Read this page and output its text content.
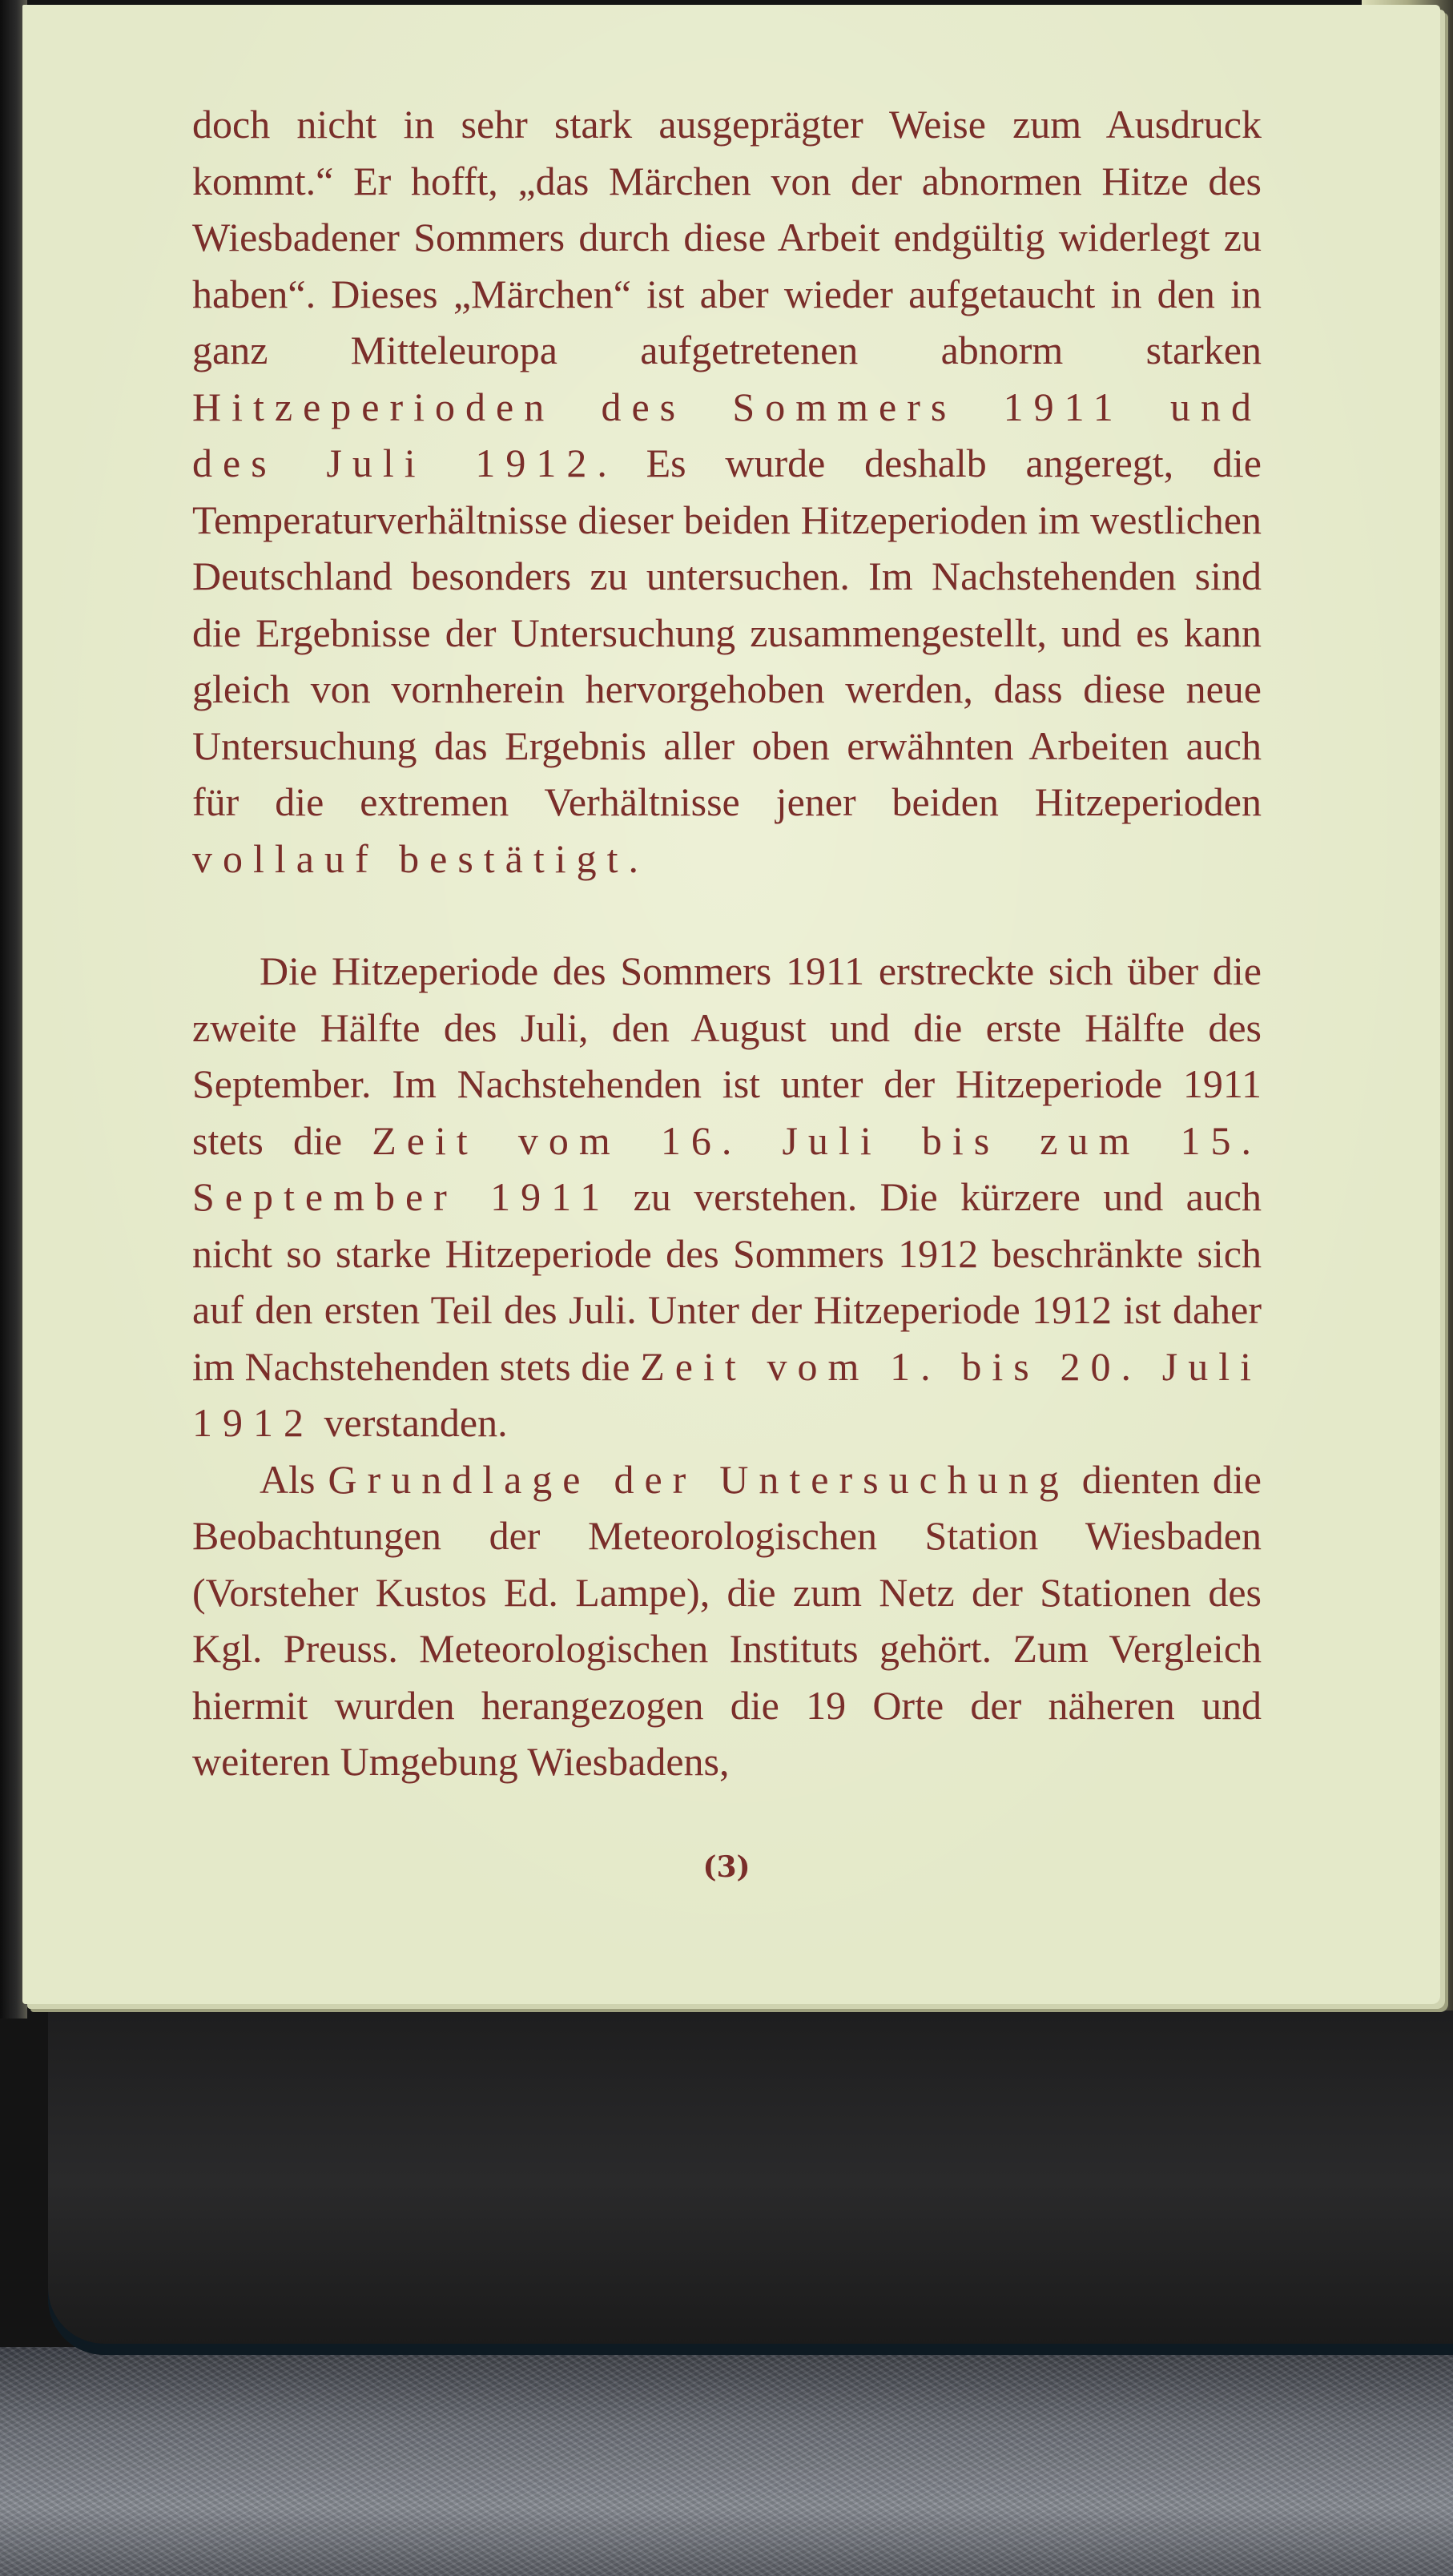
doch nicht in sehr stark ausgeprägter Weise zum Ausdruck kommt.“ Er hofft, „das Märchen von der abnormen Hitze des Wiesbadener Sommers durch diese Arbeit endgültig widerlegt zu haben“. Dieses „Märchen“ ist aber wieder aufgetaucht in den in ganz Mitteleuropa aufgetretenen abnorm starken Hitzeperioden des Sommers 1911 und des Juli 1912. Es wurde deshalb angeregt, die Temperaturverhältnisse dieser beiden Hitzeperioden im westlichen Deutschland besonders zu untersuchen. Im Nachstehenden sind die Ergebnisse der Untersuchung zusammengestellt, und es kann gleich von vornherein hervorgehoben werden, dass diese neue Untersuchung das Ergebnis aller oben erwähnten Arbeiten auch für die extremen Verhältnisse jener beiden Hitzeperioden vollauf bestätigt.

Die Hitzeperiode des Sommers 1911 erstreckte sich über die zweite Hälfte des Juli, den August und die erste Hälfte des September. Im Nachstehenden ist unter der Hitzeperiode 1911 stets die Zeit vom 16. Juli bis zum 15. September 1911 zu verstehen. Die kürzere und auch nicht so starke Hitzeperiode des Sommers 1912 beschränkte sich auf den ersten Teil des Juli. Unter der Hitzeperiode 1912 ist daher im Nachstehenden stets die Zeit vom 1. bis 20. Juli 1912 verstanden.

Als Grundlage der Untersuchung dienten die Beobachtungen der Meteorologischen Station Wiesbaden (Vorsteher Kustos Ed. Lampe), die zum Netz der Stationen des Kgl. Preuss. Meteorologischen Instituts gehört. Zum Vergleich hiermit wurden herangezogen die 19 Orte der näheren und weiteren Umgebung Wiesbadens,

(3)
